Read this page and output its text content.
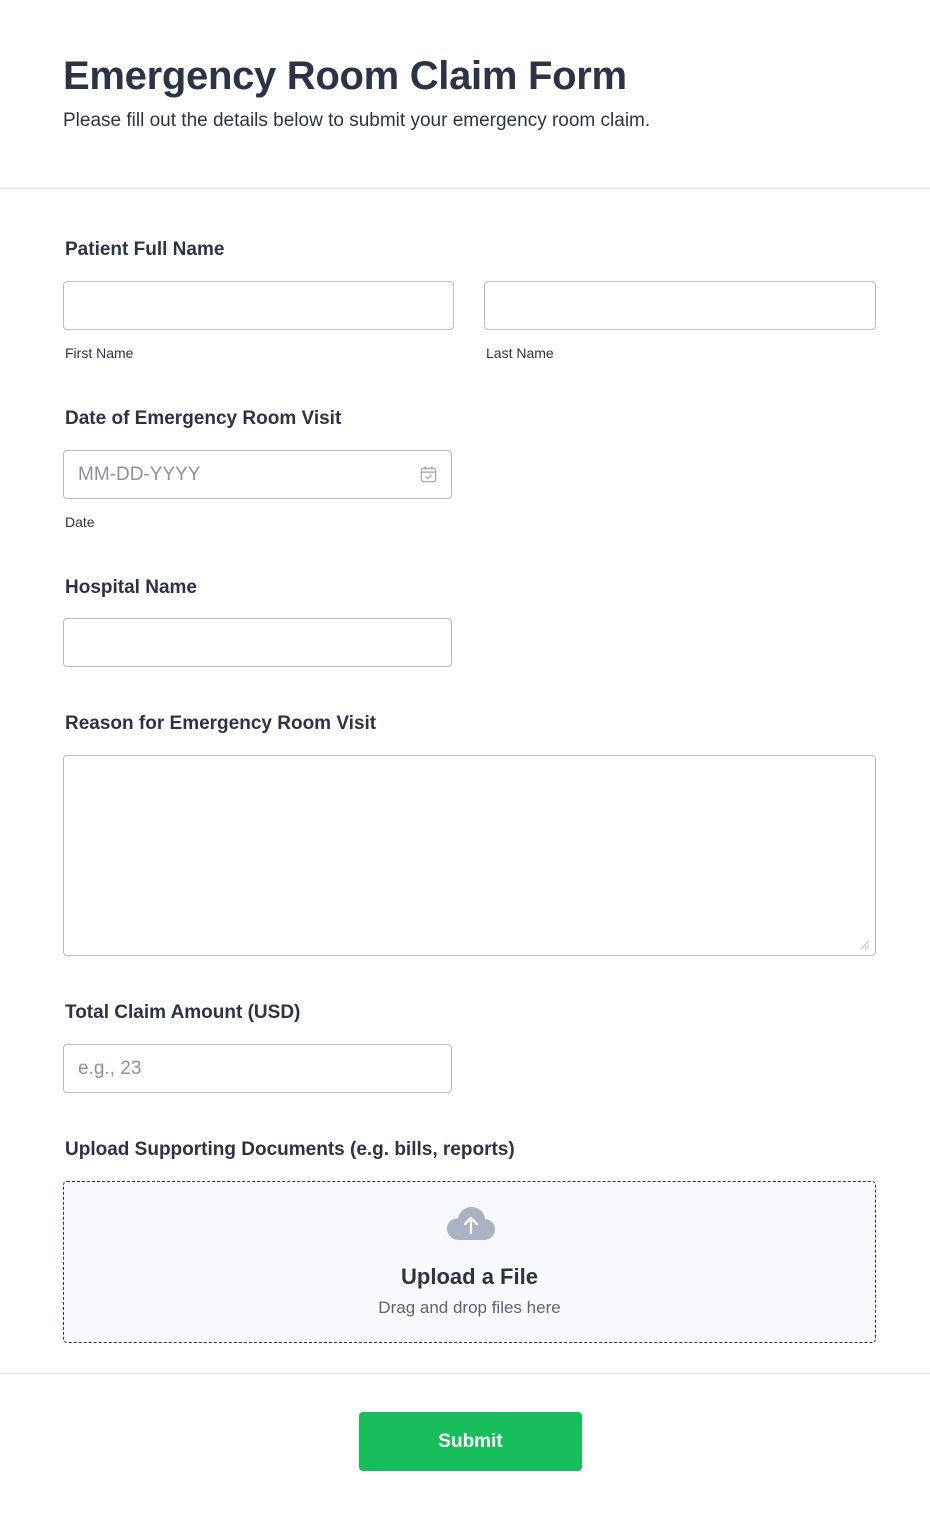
Emergency Room Claim Form

Please fill out the details below to submit your emergency room claim.

Patient Full Name
First Name	Last Name
Date of Emergency Room Visit
MM-DD-YYYY
Date
Hospital Name
Reason for Emergency Room Visit
Total Claim Amount (USD)
e.g., 23
Upload Supporting Documents (e.g. bills, reports)
Upload a File
Drag and drop files here
Submit
